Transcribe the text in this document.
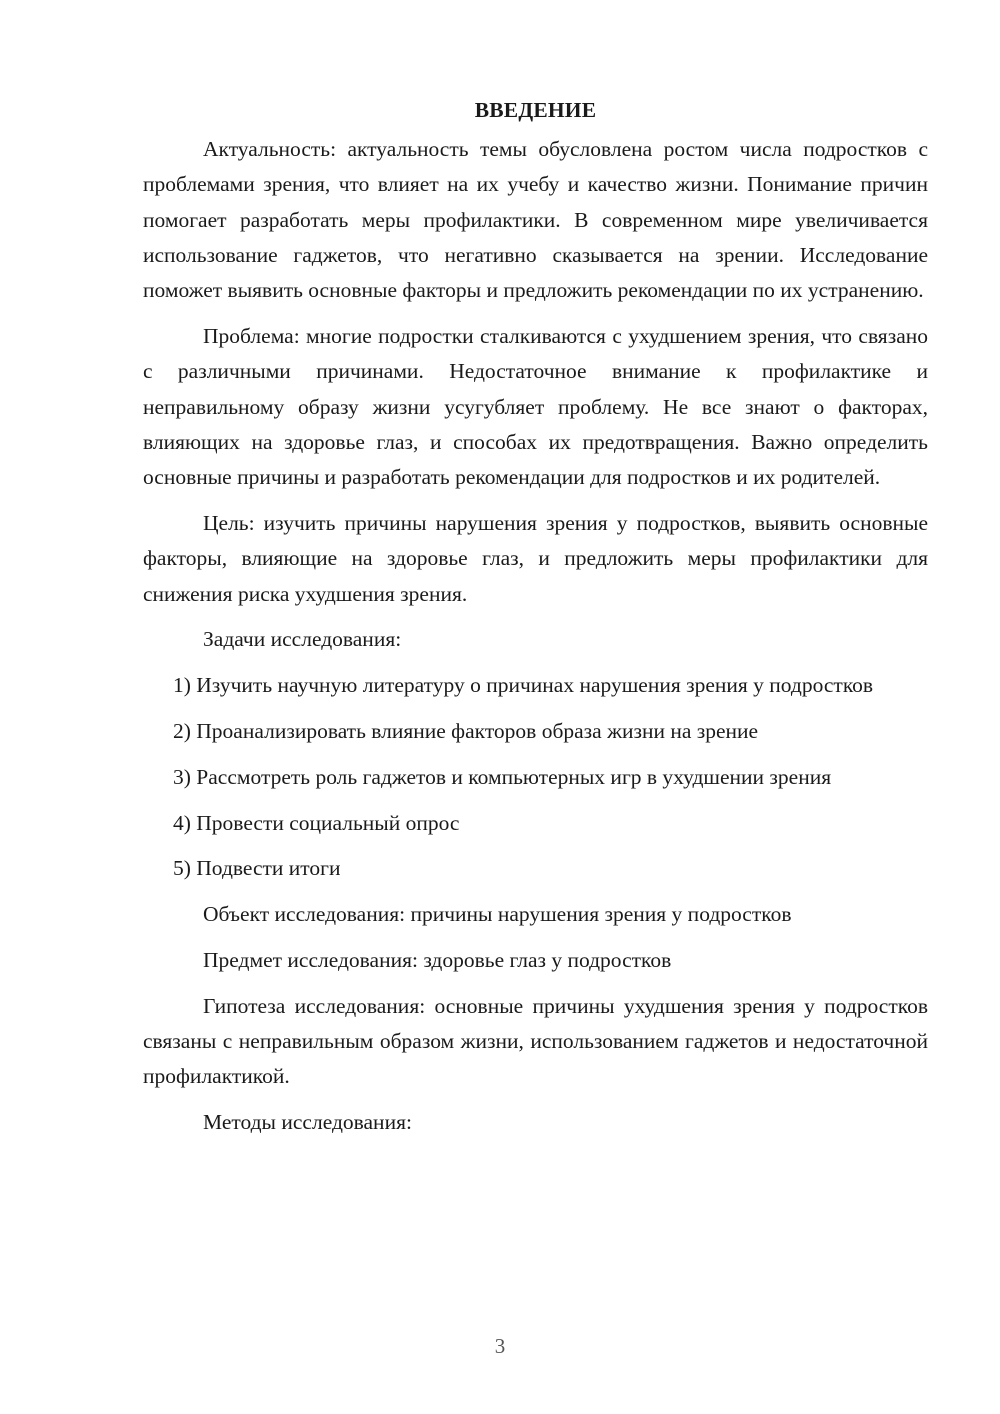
ВВЕДЕНИЕ

Актуальность: актуальность темы обусловлена ростом числа подростков с проблемами зрения, что влияет на их учебу и качество жизни. Понимание причин помогает разработать меры профилактики. В современном мире увеличивается использование гаджетов, что негативно сказывается на зрении. Исследование поможет выявить основные факторы и предложить рекомендации по их устранению.

Проблема: многие подростки сталкиваются с ухудшением зрения, что связано с различными причинами. Недостаточное внимание к профилактике и неправильному образу жизни усугубляет проблему. Не все знают о факторах, влияющих на здоровье глаз, и способах их предотвращения. Важно определить основные причины и разработать рекомендации для подростков и их родителей.

Цель: изучить причины нарушения зрения у подростков, выявить основные факторы, влияющие на здоровье глаз, и предложить меры профилактики для снижения риска ухудшения зрения.

Задачи исследования:

1) Изучить научную литературу о причинах нарушения зрения у подростков

2) Проанализировать влияние факторов образа жизни на зрение

3) Рассмотреть роль гаджетов и компьютерных игр в ухудшении зрения

4) Провести социальный опрос

5) Подвести итоги

Объект исследования: причины нарушения зрения у подростков

Предмет исследования: здоровье глаз у подростков

Гипотеза исследования: основные причины ухудшения зрения у подростков связаны с неправильным образом жизни, использованием гаджетов и недостаточной профилактикой.

Методы исследования:

3
